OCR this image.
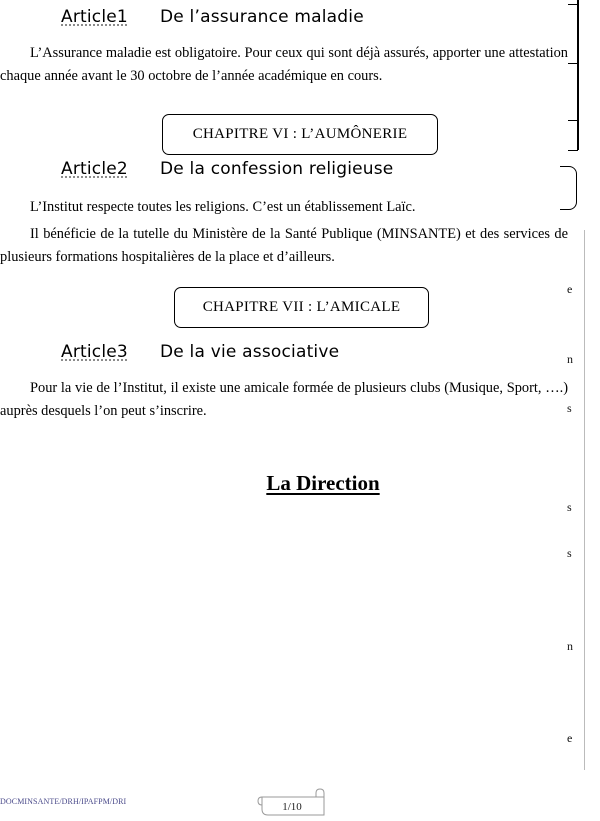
Article1 De l’assurance maladie
L’Assurance maladie est obligatoire. Pour ceux qui sont déjà assurés, apporter une attestation chaque année avant le 30 octobre de l’année académique en cours.
CHAPITRE VI : L’AUMÔNERIE
Article2 De la confession religieuse
L’Institut respecte toutes les religions. C’est un établissement Laïc.
Il bénéficie de la tutelle du Ministère de la Santé Publique (MINSANTE) et des services de plusieurs formations hospitalières de la place et d’ailleurs.
CHAPITRE VII : L’AMICALE
Article3 De la vie associative
Pour la vie de l’Institut, il existe une amicale formée de plusieurs clubs (Musique, Sport, ….) auprès desquels l’on peut s’inscrire.
La Direction
e
n
s
s
s
n
e
DOCMINSANTE/DRH/IPAFPM/DRI	1/10
